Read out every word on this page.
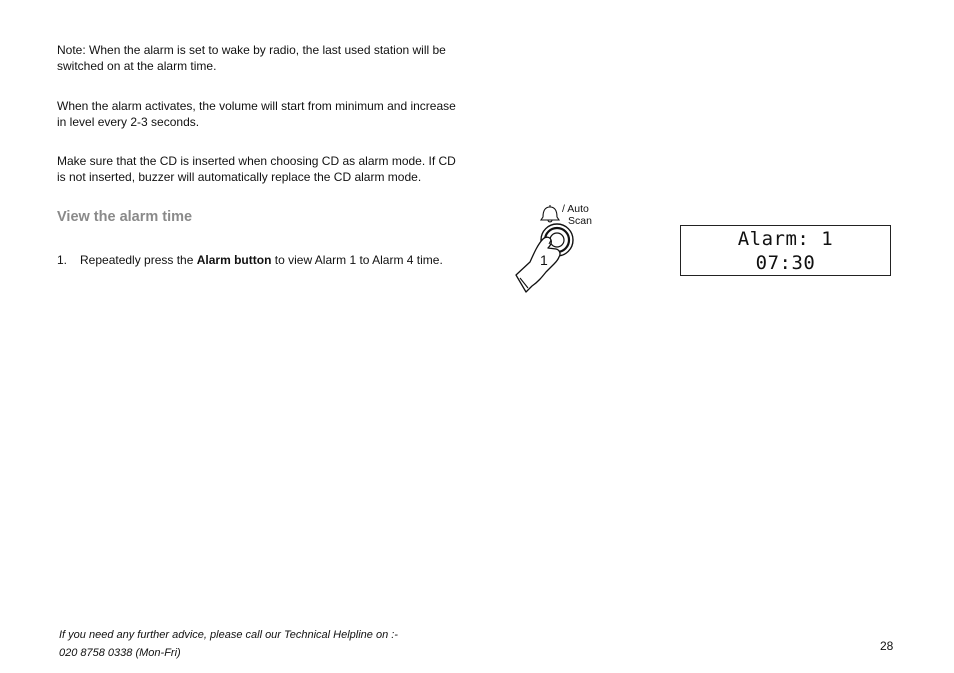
Note: When the alarm is set to wake by radio, the last used station will be switched on at the alarm time.

When the alarm activates, the volume will start from minimum and increase in level every 2-3 seconds.

Make sure that the CD is inserted when choosing CD as alarm mode. If CD is not inserted, buzzer will automatically replace the CD alarm mode.

View the alarm time
1. Repeatedly press the Alarm button to view Alarm 1 to Alarm 4 time.
/ Auto
Scan
1
Alarm: 1
07:30
If you need any further advice, please call our Technical Helpline on :-
020 8758 0338 (Mon-Fri)	28
